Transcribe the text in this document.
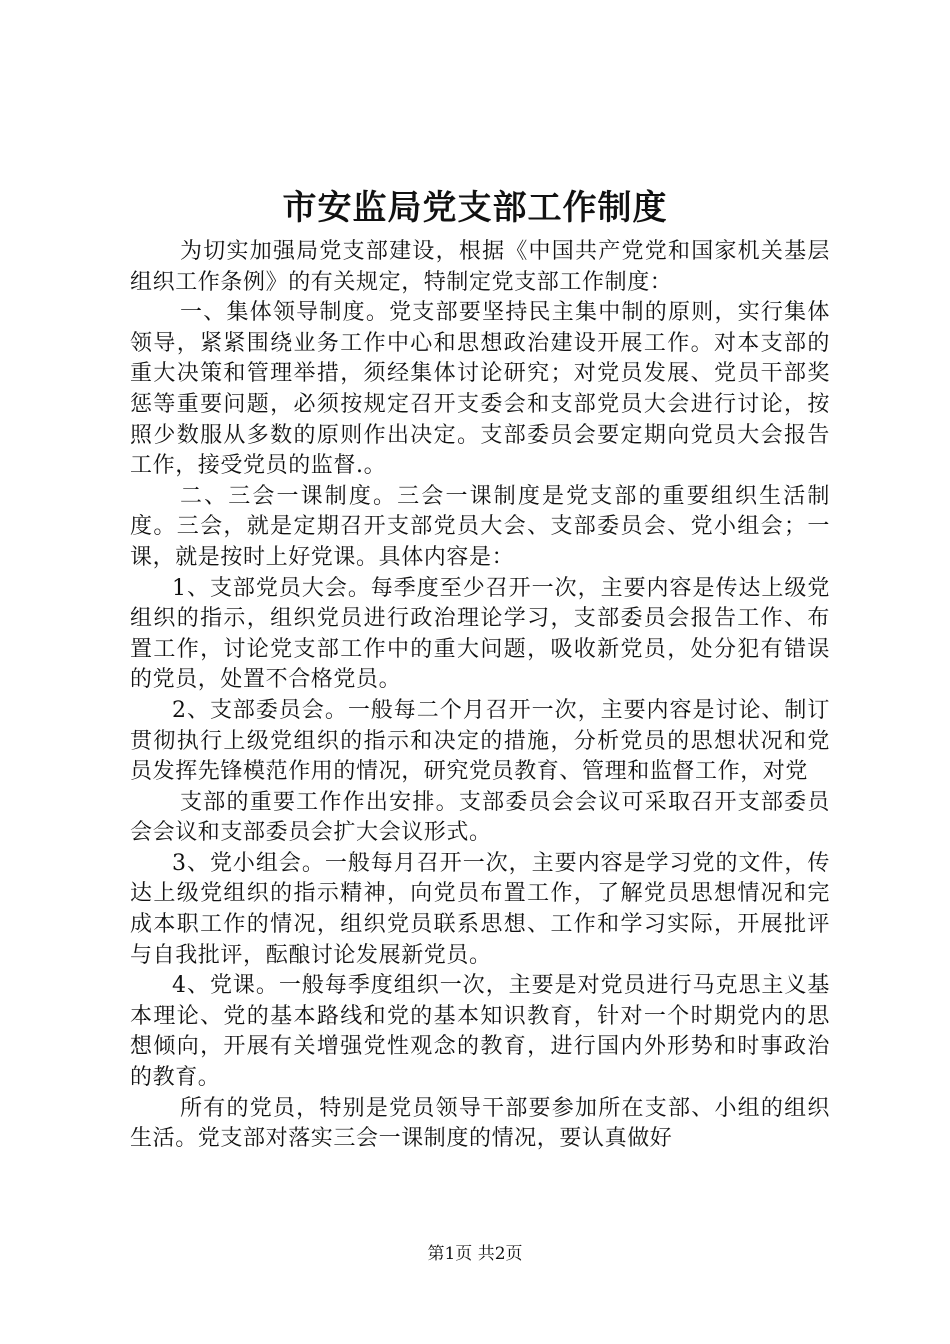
市安监局党支部工作制度

为切实加强局党支部建设，根据《中国共产党党和国家机关基层组织工作条例》的有关规定，特制定党支部工作制度：

一、集体领导制度。党支部要坚持民主集中制的原则，实行集体领导，紧紧围绕业务工作中心和思想政治建设开展工作。对本支部的重大决策和管理举措，须经集体讨论研究；对党员发展、党员干部奖惩等重要问题，必须按规定召开支委会和支部党员大会进行讨论，按照少数服从多数的原则作出决定。支部委员会要定期向党员大会报告工作，接受党员的监督.。

二、三会一课制度。三会一课制度是党支部的重要组织生活制度。三会，就是定期召开支部党员大会、支部委员会、党小组会；一课，就是按时上好党课。具体内容是：

1、支部党员大会。每季度至少召开一次，主要内容是传达上级党组织的指示，组织党员进行政治理论学习，支部委员会报告工作、布置工作，讨论党支部工作中的重大问题，吸收新党员，处分犯有错误的党员，处置不合格党员。

2、支部委员会。一般每二个月召开一次，主要内容是讨论、制订贯彻执行上级党组织的指示和决定的措施，分析党员的思想状况和党员发挥先锋模范作用的情况，研究党员教育、管理和监督工作，对党

支部的重要工作作出安排。支部委员会会议可采取召开支部委员会会议和支部委员会扩大会议形式。

3、党小组会。一般每月召开一次，主要内容是学习党的文件，传达上级党组织的指示精神，向党员布置工作，了解党员思想情况和完成本职工作的情况，组织党员联系思想、工作和学习实际，开展批评与自我批评，酝酿讨论发展新党员。

4、党课。一般每季度组织一次，主要是对党员进行马克思主义基本理论、党的基本路线和党的基本知识教育，针对一个时期党内的思想倾向，开展有关增强党性观念的教育，进行国内外形势和时事政治的教育。

所有的党员，特别是党员领导干部要参加所在支部、小组的组织生活。党支部对落实三会一课制度的情况，要认真做好

第1页 共2页
